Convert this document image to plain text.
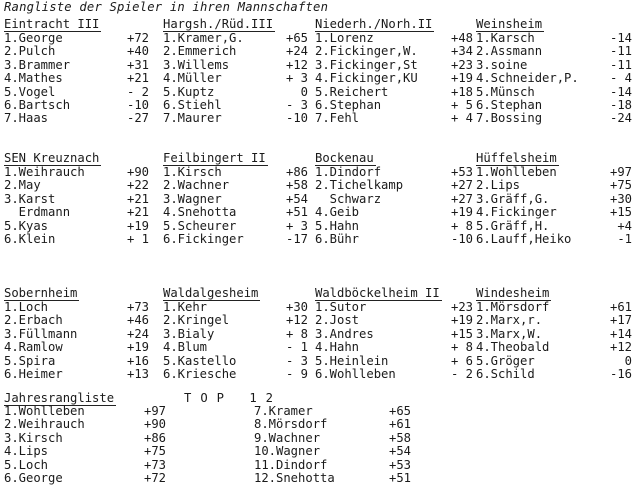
Rangliste der Spieler in ihren Mannschaften
Eintracht III
1.George	+72
2.Pulch	+40
3.Brammer	+31
4.Mathes	+21
5.Vogel	- 2
6.Bartsch	-10
7.Haas	-27
Hargsh./Rüd.III
1.Kramer,G.	+65
2.Emmerich	+24
3.Willems	+12
4.Müller	+ 3
5.Kuptz	0
6.Stiehl	- 3
7.Maurer	-10
Niederh./Norh.II
1.Lorenz	+48
2.Fickinger,W.	+34
3.Fickinger,St	+23
4.Fickinger,KU	+19
5.Reichert	+18
6.Stephan	+ 5
7.Fehl	+ 4
Weinsheim
1.Karsch	-14
2.Assmann	-11
3.soine	-11
4.Schneider,P.	- 4
5.Münsch	-14
6.Stephan	-18
7.Bossing	-24
SEN Kreuznach
1.Weihrauch	+90
2.May	+22
3.Karst	+21
Erdmann	+21
5.Kyas	+19
6.Klein	+ 1
Feilbingert II
1.Kirsch	+86
2.Wachner	+58
3.Wagner	+54
4.Snehotta	+51
5.Scheurer	+ 3
6.Fickinger	-17
Bockenau
1.Dindorf	+53
2.Tichelkamp	+27
Schwarz	+27
4.Geib	+19
5.Hahn	+ 8
6.Bühr	-10
Hüffelsheim
1.Wohlleben	+97
2.Lips	+75
3.Gräff,G.	+30
4.Fickinger	+15
5.Gräff,H.	+4
6.Lauff,Heiko	-1
Sobernheim
1.Loch	+73
2.Erbach	+46
3.Füllmann	+24
4.Ramlow	+19
5.Spira	+16
6.Heimer	+13
Waldalgesheim
1.Kehr	+30
2.Kringel	+12
3.Bialy	+ 8
4.Blum	- 1
5.Kastello	- 3
6.Kriesche	- 9
Waldböckelheim II
1.Sutor	+23
2.Jost	+19
3.Andres	+15
4.Hahn	+ 8
5.Heinlein	+ 6
6.Wohlleben	- 2
Windesheim
1.Mörsdorf	+61
2.Marx,r.	+17
3.Marx,W.	+14
4.Theobald	+12
5.Gröger	0
6.Schild	-16
Jahresrangliste	TOP 12
1.Wohlleben	+97	7.Kramer	+65
2.Weihrauch	+90	8.Mörsdorf	+61
3.Kirsch	+86	9.Wachner	+58
4.Lips	+75	10.Wagner	+54
5.Loch	+73	11.Dindorf	+53
6.George	+72	12.Snehotta	+51
